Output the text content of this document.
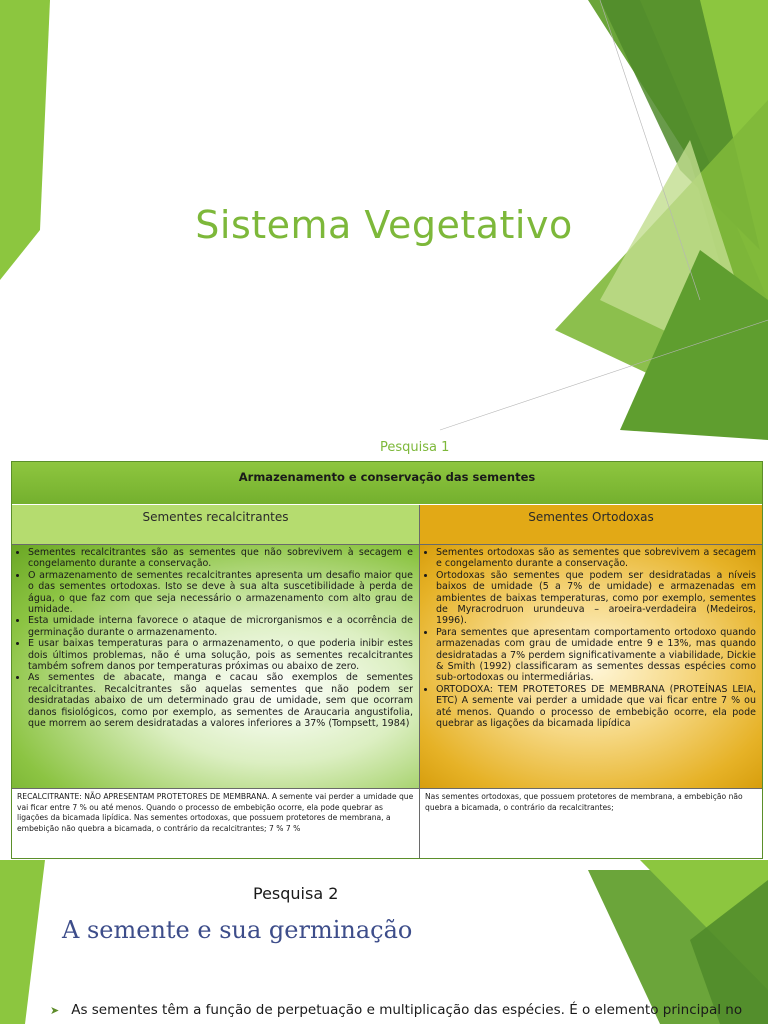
Sistema Vegetativo
Pesquisa 1
Armazenamento e conservação das sementes
Sementes recalcitrantes	Sementes Ortodoxas
• Sementes recalcitrantes são as sementes que não sobrevivem à secagem e congelamento durante a conservação.
• O armazenamento de sementes recalcitrantes apresenta um desafio maior que o das sementes ortodoxas. Isto se deve à sua alta suscetibilidade à perda de água, o que faz com que seja necessário o armazenamento com alto grau de umidade.
• Esta umidade interna favorece o ataque de microrganismos e a ocorrência de germinação durante o armazenamento.
• E usar baixas temperaturas para o armazenamento, o que poderia inibir estes dois últimos problemas, não é uma solução, pois as sementes recalcitrantes também sofrem danos por temperaturas próximas ou abaixo de zero.
• As sementes de abacate, manga e cacau são exemplos de sementes recalcitrantes. Recalcitrantes são aquelas sementes que não podem ser desidratadas abaixo de um determinado grau de umidade, sem que ocorram danos fisiológicos, como por exemplo, as sementes de Araucaria angustifolia, que morrem ao serem desidratadas a valores inferiores a 37% (Tompsett, 1984)
• Sementes ortodoxas são as sementes que sobrevivem a secagem e congelamento durante a conservação.
• Ortodoxas são sementes que podem ser desidratadas a níveis baixos de umidade (5 a 7% de umidade) e armazenadas em ambientes de baixas temperaturas, como por exemplo, sementes de Myracrodruon urundeuva – aroeira-verdadeira (Medeiros, 1996).
• Para sementes que apresentam comportamento ortodoxo quando armazenadas com grau de umidade entre 9 e 13%, mas quando desidratadas a 7% perdem significativamente a viabilidade, Dickie & Smith (1992) classificaram as sementes dessas espécies como sub-ortodoxas ou intermediárias.
• ORTODOXA: TEM PROTETORES DE MEMBRANA (PROTEÍNAS LEIA, ETC) A semente vai perder a umidade que vai ficar entre 7 % ou até menos. Quando o processo de embebição ocorre, ela pode quebrar as ligações da bicamada lipídica
RECALCITRANTE: NÃO APRESENTAM PROTETORES DE MEMBRANA. A semente vai perder a umidade que vai ficar entre 7 % ou até menos. Quando o processo de embebição ocorre, ela pode quebrar as ligações da bicamada lipídica. Nas sementes ortodoxas, que possuem protetores de membrana, a embebição não quebra a bicamada, o contrário da recalcitrantes; 7 % 7 %
Nas sementes ortodoxas, que possuem protetores de membrana, a embebição não quebra a bicamada, o contrário da recalcitrantes;
Pesquisa 2
A semente e sua germinação
➤ As sementes têm a função de perpetuação e multiplicação das espécies. É o elemento principal no
